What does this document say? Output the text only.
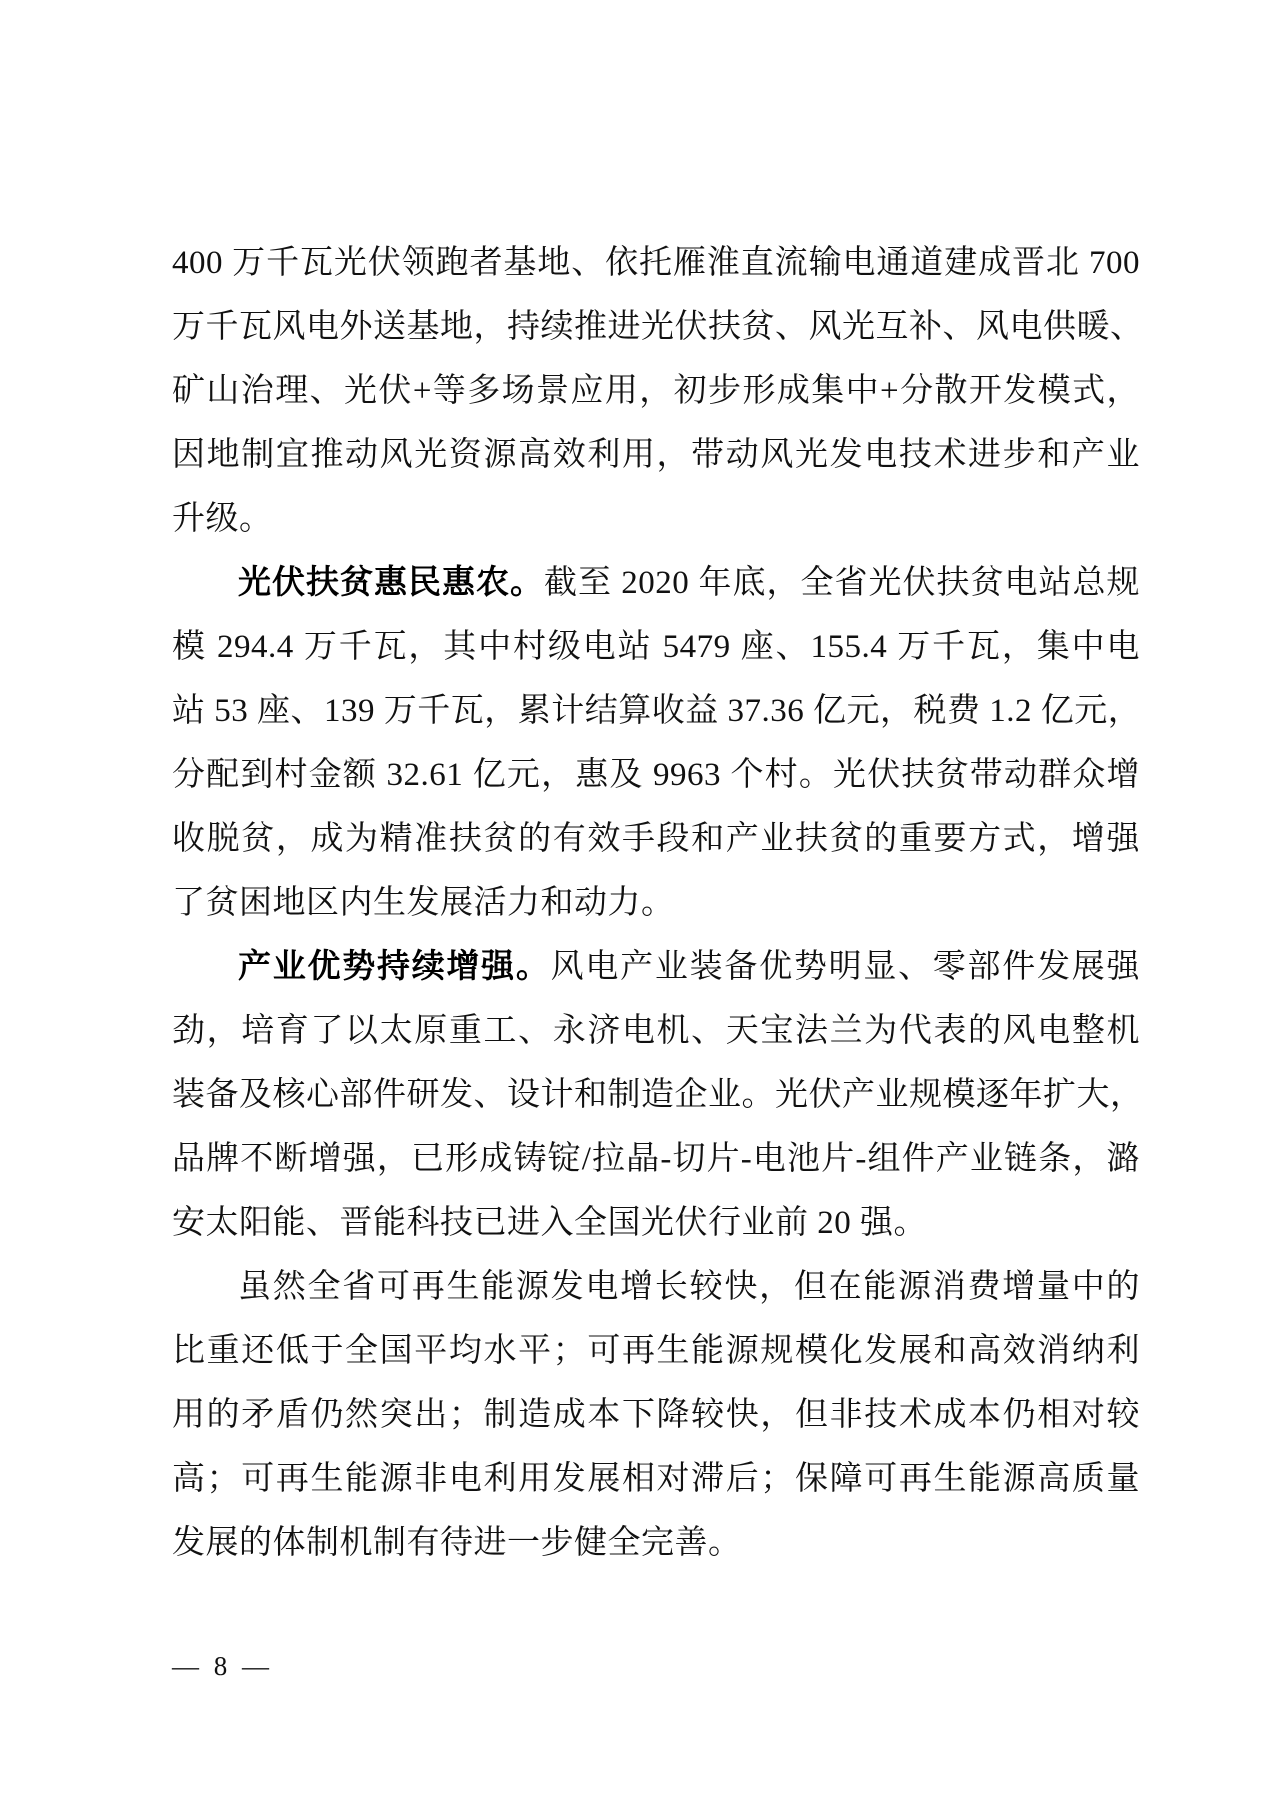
400 万千瓦光伏领跑者基地、依托雁淮直流输电通道建成晋北 700
万千瓦风电外送基地，持续推进光伏扶贫、风光互补、风电供暖、
矿山治理、光伏+等多场景应用，初步形成集中+分散开发模式，
因地制宜推动风光资源高效利用，带动风光发电技术进步和产业
升级。
光伏扶贫惠民惠农。截至 2020 年底，全省光伏扶贫电站总规
模 294.4 万千瓦，其中村级电站 5479 座、155.4 万千瓦，集中电
站 53 座、139 万千瓦，累计结算收益 37.36 亿元，税费 1.2 亿元，
分配到村金额 32.61 亿元，惠及 9963 个村。光伏扶贫带动群众增
收脱贫，成为精准扶贫的有效手段和产业扶贫的重要方式，增强
了贫困地区内生发展活力和动力。
产业优势持续增强。风电产业装备优势明显、零部件发展强
劲，培育了以太原重工、永济电机、天宝法兰为代表的风电整机
装备及核心部件研发、设计和制造企业。光伏产业规模逐年扩大，
品牌不断增强，已形成铸锭/拉晶-切片-电池片-组件产业链条，潞
安太阳能、晋能科技已进入全国光伏行业前 20 强。
虽然全省可再生能源发电增长较快，但在能源消费增量中的
比重还低于全国平均水平；可再生能源规模化发展和高效消纳利
用的矛盾仍然突出；制造成本下降较快，但非技术成本仍相对较
高；可再生能源非电利用发展相对滞后；保障可再生能源高质量
发展的体制机制有待进一步健全完善。
— 8 —
